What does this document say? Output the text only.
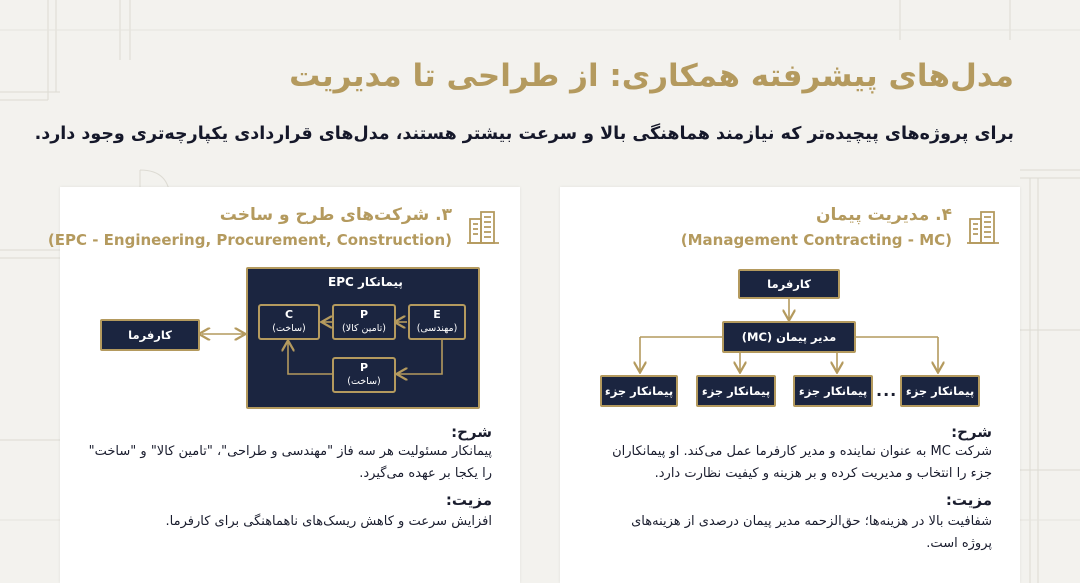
مدل‌های پیشرفته همکاری: از طراحی تا مدیریت
برای پروژه‌های پیچیده‌تر که نیازمند هماهنگی بالا و سرعت بیشتر هستند، مدل‌های قراردادی یکپارچه‌تری وجود دارد.
۳. شرکت‌های طرح و ساخت
(EPC - Engineering, Procurement, Construction)
کارفرما
پیمانکار EPC
E
(مهندسی)
P
(تامین کالا)
C
(ساخت)
P
(ساخت)
شرح:
پیمانکار مسئولیت هر سه فاز "مهندسی و طراحی"، "تامین کالا" و "ساخت"
را یکجا بر عهده می‌گیرد.
مزیت:
افزایش سرعت و کاهش ریسک‌های ناهماهنگی برای کارفرما.
۴. مدیریت پیمان
(Management Contracting - MC)
کارفرما
مدیر پیمان (MC)
پیمانکار جزء پیمانکار جزء پیمانکار جزء ... پیمانکار جزء
شرح:
شرکت MC به عنوان نماینده و مدیر کارفرما عمل می‌کند. او پیمانکاران
جزء را انتخاب و مدیریت کرده و بر هزینه و کیفیت نظارت دارد.
مزیت:
شفافیت بالا در هزینه‌ها؛ حق‌الزحمه مدیر پیمان درصدی از هزینه‌های
پروژه است.
